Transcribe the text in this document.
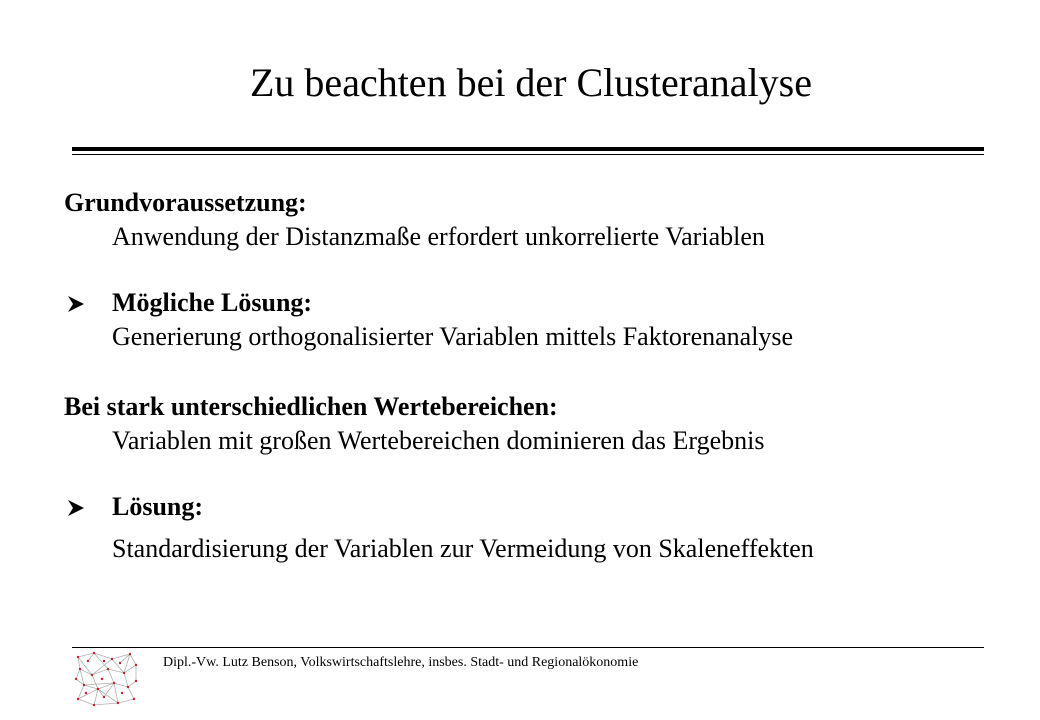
Zu beachten bei der Clusteranalyse
Grundvoraussetzung:
Anwendung der Distanzmaße erfordert unkorrelierte Variablen
Mögliche Lösung:
Generierung orthogonalisierter Variablen mittels Faktorenanalyse
Bei stark unterschiedlichen Wertebereichen:
Variablen mit großen Wertebereichen dominieren das Ergebnis
Lösung:
Standardisierung der Variablen zur Vermeidung von Skaleneffekten
Dipl.-Vw. Lutz Benson, Volkswirtschaftslehre, insbes. Stadt- und Regionalökonomie
